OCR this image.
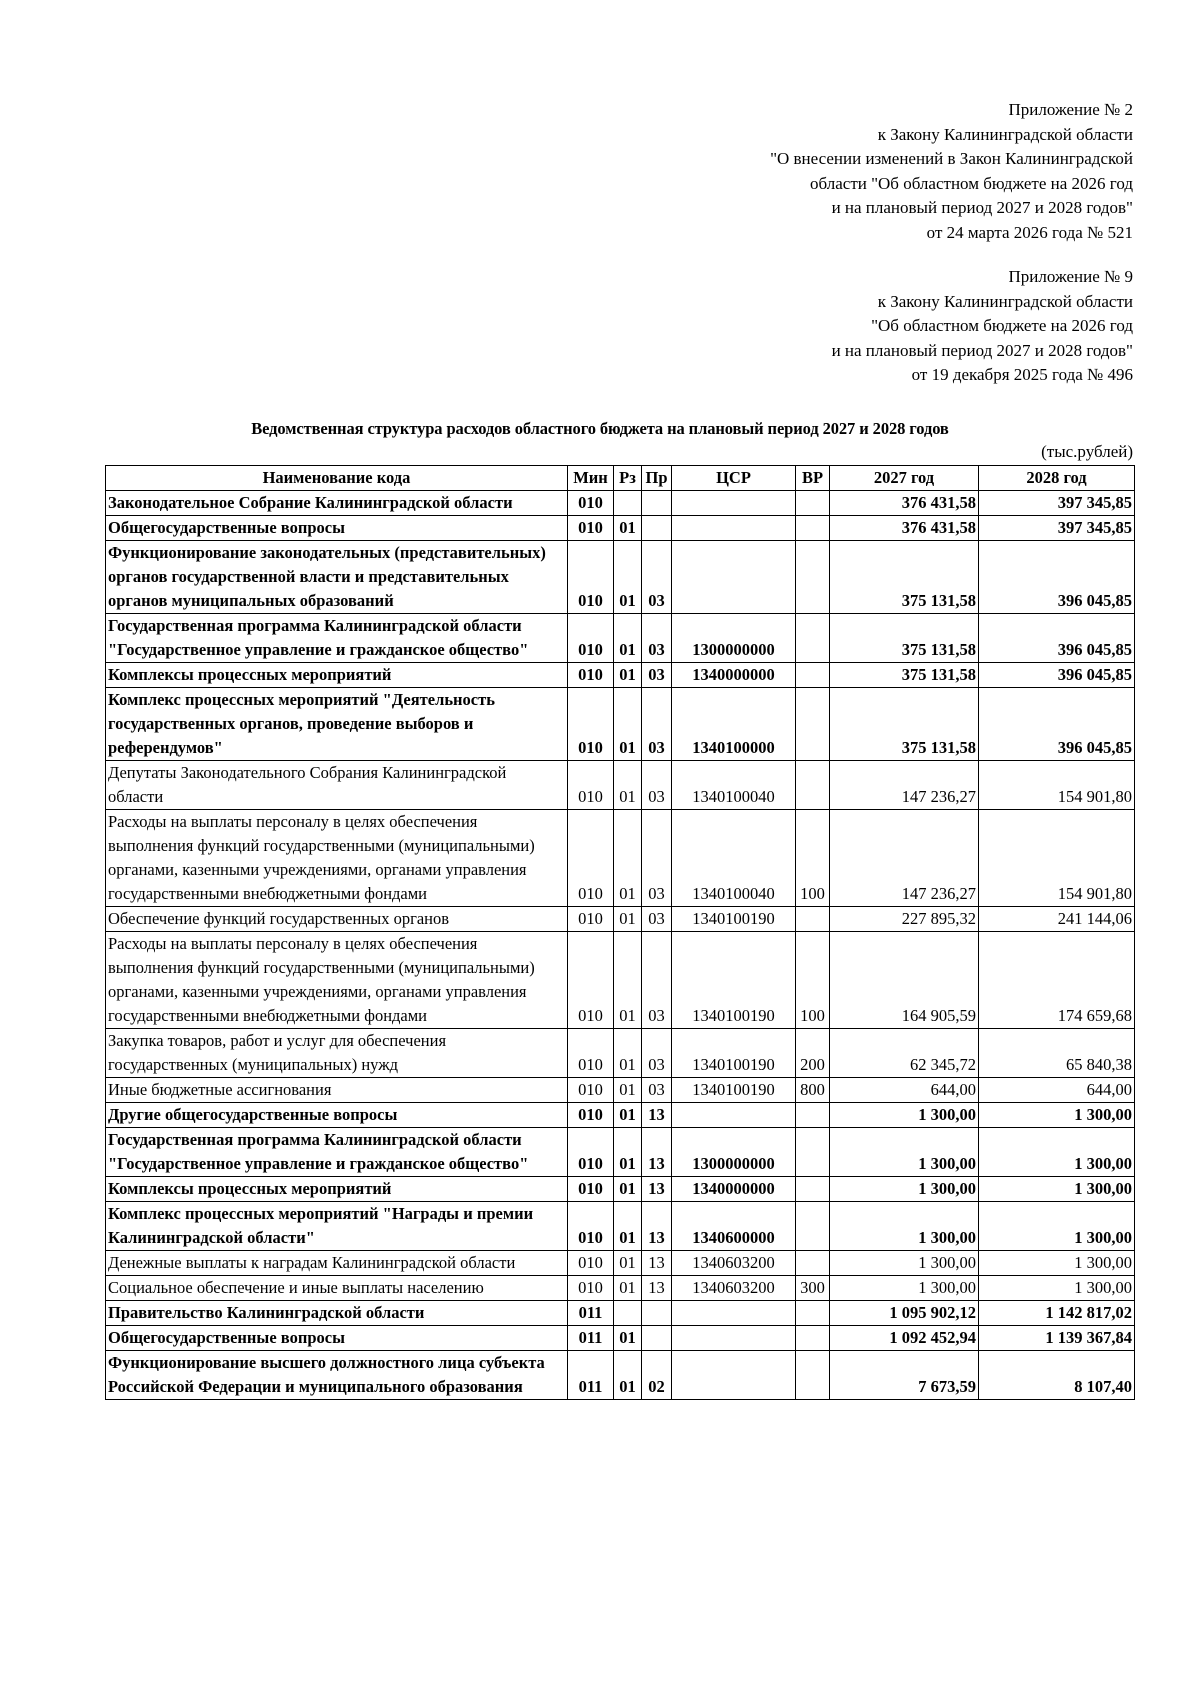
Приложение № 2
к Закону Калининградской области
"О внесении изменений в Закон Калининградской
области "Об областном бюджете на 2026 год
и на плановый период 2027 и 2028 годов"
от 24 марта 2026 года № 521
Приложение № 9
к Закону Калининградской области
"Об областном бюджете на 2026 год
и на плановый период 2027 и 2028 годов"
от 19 декабря 2025 года № 496
Ведомственная структура расходов областного бюджета на плановый период 2027 и 2028 годов
(тыс.рублей)
Наименование кода	Мин	Рз	Пр	ЦСР	ВР	2027 год	2028 год
Законодательное Собрание Калининградской области	010					376 431,58	397 345,85
Общегосударственные вопросы	010	01				376 431,58	397 345,85
Функционирование законодательных (представительных) органов государственной власти и представительных органов муниципальных образований	010	01	03			375 131,58	396 045,85
Государственная программа Калининградской области "Государственное управление и гражданское общество"	010	01	03	1300000000		375 131,58	396 045,85
Комплексы процессных мероприятий	010	01	03	1340000000		375 131,58	396 045,85
Комплекс процессных мероприятий "Деятельность государственных органов, проведение выборов и референдумов"	010	01	03	1340100000		375 131,58	396 045,85
Депутаты Законодательного Собрания Калининградской области	010	01	03	1340100040		147 236,27	154 901,80
Расходы на выплаты персоналу в целях обеспечения выполнения функций государственными (муниципальными) органами, казенными учреждениями, органами управления государственными внебюджетными фондами	010	01	03	1340100040	100	147 236,27	154 901,80
Обеспечение функций государственных органов	010	01	03	1340100190		227 895,32	241 144,06
Расходы на выплаты персоналу в целях обеспечения выполнения функций государственными (муниципальными) органами, казенными учреждениями, органами управления государственными внебюджетными фондами	010	01	03	1340100190	100	164 905,59	174 659,68
Закупка товаров, работ и услуг для обеспечения государственных (муниципальных) нужд	010	01	03	1340100190	200	62 345,72	65 840,38
Иные бюджетные ассигнования	010	01	03	1340100190	800	644,00	644,00
Другие общегосударственные вопросы	010	01	13			1 300,00	1 300,00
Государственная программа Калининградской области "Государственное управление и гражданское общество"	010	01	13	1300000000		1 300,00	1 300,00
Комплексы процессных мероприятий	010	01	13	1340000000		1 300,00	1 300,00
Комплекс процессных мероприятий "Награды и премии Калининградской области"	010	01	13	1340600000		1 300,00	1 300,00
Денежные выплаты к наградам Калининградской области	010	01	13	1340603200		1 300,00	1 300,00
Социальное обеспечение и иные выплаты населению	010	01	13	1340603200	300	1 300,00	1 300,00
Правительство Калининградской области	011					1 095 902,12	1 142 817,02
Общегосударственные вопросы	011	01				1 092 452,94	1 139 367,84
Функционирование высшего должностного лица субъекта Российской Федерации и муниципального образования	011	01	02			7 673,59	8 107,40
